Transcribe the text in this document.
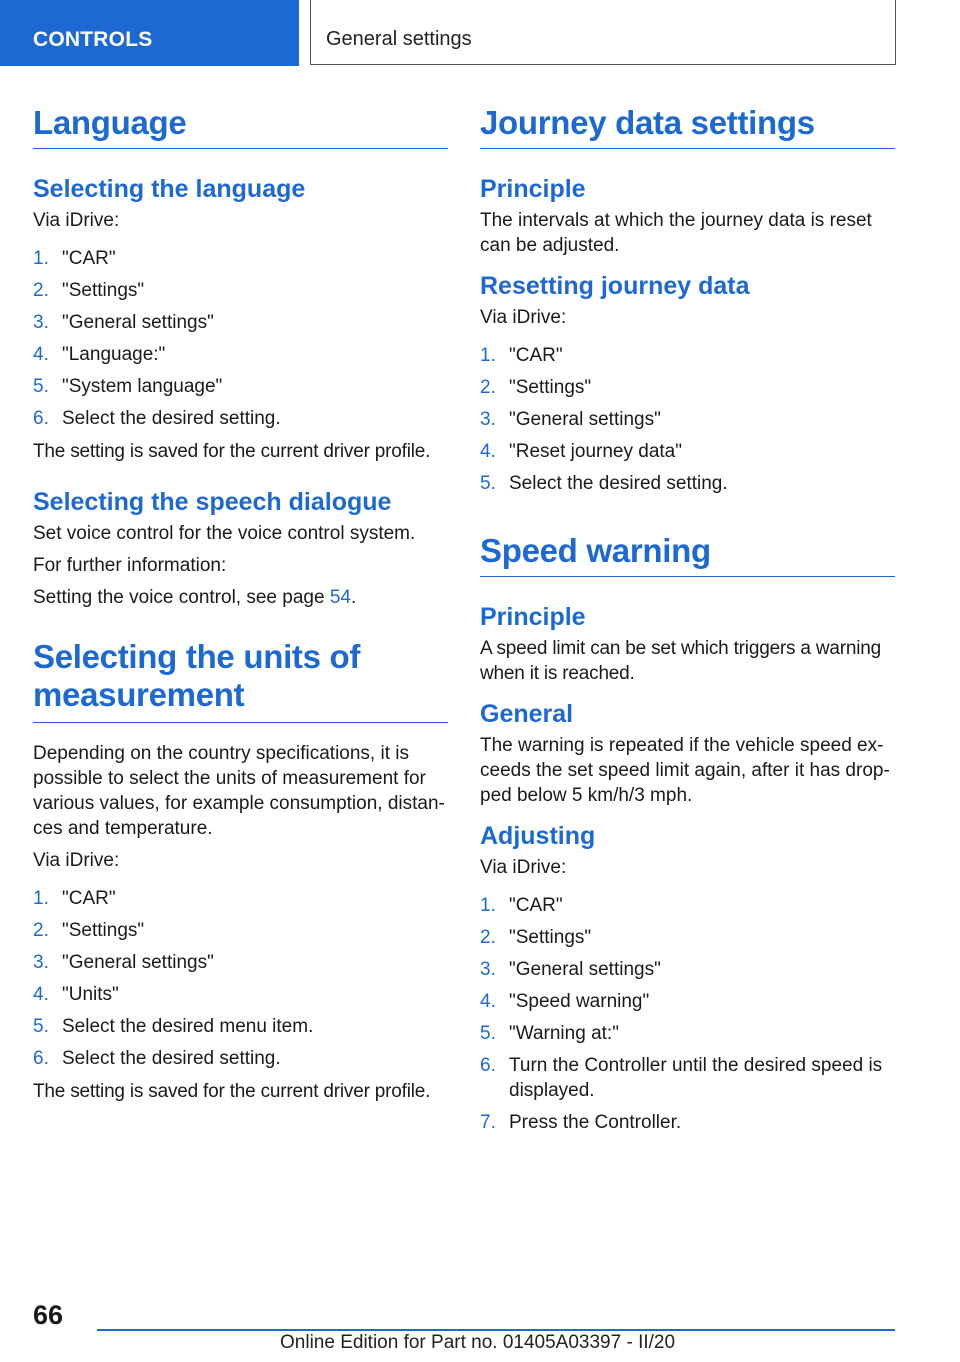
CONTROLS	General settings
Language
Selecting the language

Via iDrive:

1. "CAR"
2. "Settings"
3. "General settings"
4. "Language:"
5. "System language"
6. Select the desired setting.

The setting is saved for the current driver profile.

Selecting the speech dialogue

Set voice control for the voice control system.

For further information:

Setting the voice control, see page 54.

Selecting the units of
measurement

Depending on the country specifications, it is possible to select the units of measurement for various values, for example consumption, distan-ces and temperature.

Via iDrive:

1. "CAR"
2. "Settings"
3. "General settings"
4. "Units"
5. Select the desired menu item.
6. Select the desired setting.

The setting is saved for the current driver profile.

Journey data settings
Principle

The intervals at which the journey data is reset can be adjusted.

Resetting journey data

Via iDrive:

1. "CAR"
2. "Settings"
3. "General settings"
4. "Reset journey data"
5. Select the desired setting.
Speed warning
Principle

A speed limit can be set which triggers a warning when it is reached.

General

The warning is repeated if the vehicle speed ex-ceeds the set speed limit again, after it has drop-ped below 5 km/h/3 mph.

Adjusting

Via iDrive:

1. "CAR"
2. "Settings"
3. "General settings"
4. "Speed warning"
5. "Warning at:"
6. Turn the Controller until the desired speed is displayed.
7. Press the Controller.
66
Online Edition for Part no. 01405A03397 - II/20
